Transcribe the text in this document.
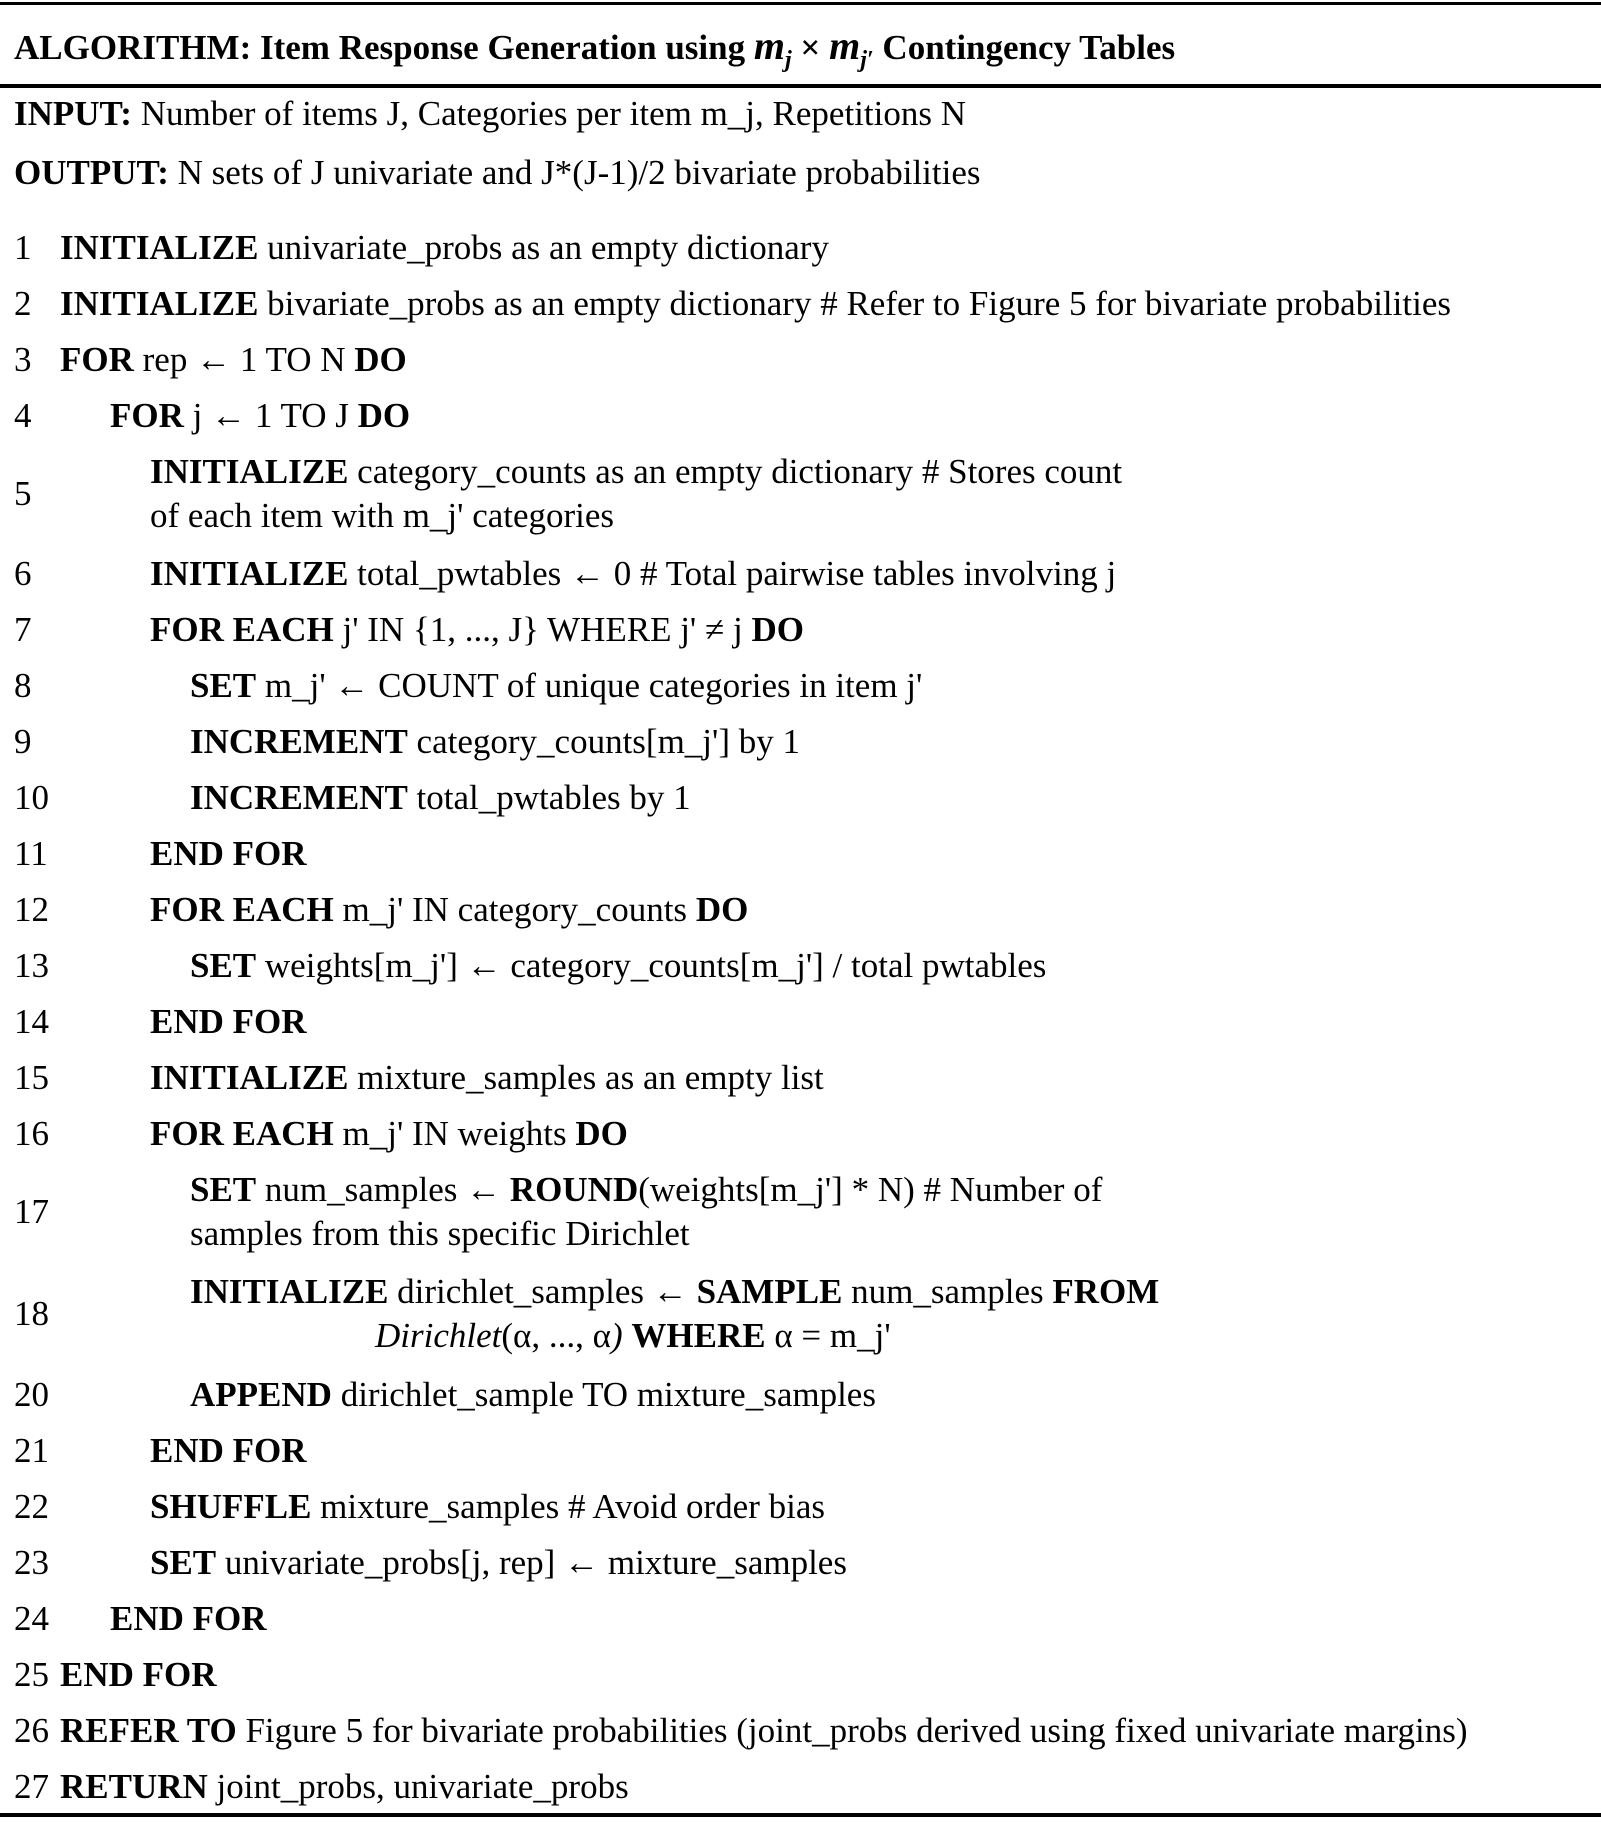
ALGORITHM: Item Response Generation using $m_j \times m_{j'}$ Contingency Tables
INPUT: Number of items J, Categories per item m_j, Repetitions N
OUTPUT: N sets of J univariate and J*(J-1)/2 bivariate probabilities
1 INITIALIZE univariate_probs as an empty dictionary
2 INITIALIZE bivariate_probs as an empty dictionary # Refer to Figure 5 for bivariate probabilities
3 FOR rep ← 1 TO N DO
4	FOR j ← 1 TO J DO
5
INITIALIZE category_counts as an empty dictionary # Stores count
of each item with m_j' categories
6	INITIALIZE total_pwtables ← 0 # Total pairwise tables involving j
7	FOR EACH j' IN {1, ..., J} WHERE j' ≠ j DO
8	SET m_j' ← COUNT of unique categories in item j'
9	INCREMENT category_counts[m_j'] by 1
10	INCREMENT total_pwtables by 1
11	END FOR
12	FOR EACH m_j' IN category_counts DO
13	SET weights[m_j'] ← category_counts[m_j'] / total pwtables
14	END FOR
15	INITIALIZE mixture_samples as an empty list
16	FOR EACH m_j' IN weights DO
17
SET num_samples ← ROUND(weights[m_j'] * N) # Number of
samples from this specific Dirichlet
18
INITIALIZE dirichlet_samples ← SAMPLE num_samples FROM
Dirichlet(α, ..., α) WHERE α = m_j'
20	APPEND dirichlet_sample TO mixture_samples
21	END FOR
22	SHUFFLE mixture_samples # Avoid order bias
23	SET univariate_probs[j, rep] ← mixture_samples
24 END FOR
25 END FOR
26 REFER TO Figure 5 for bivariate probabilities (joint_probs derived using fixed univariate margins)
27 RETURN joint_probs, univariate_probs
